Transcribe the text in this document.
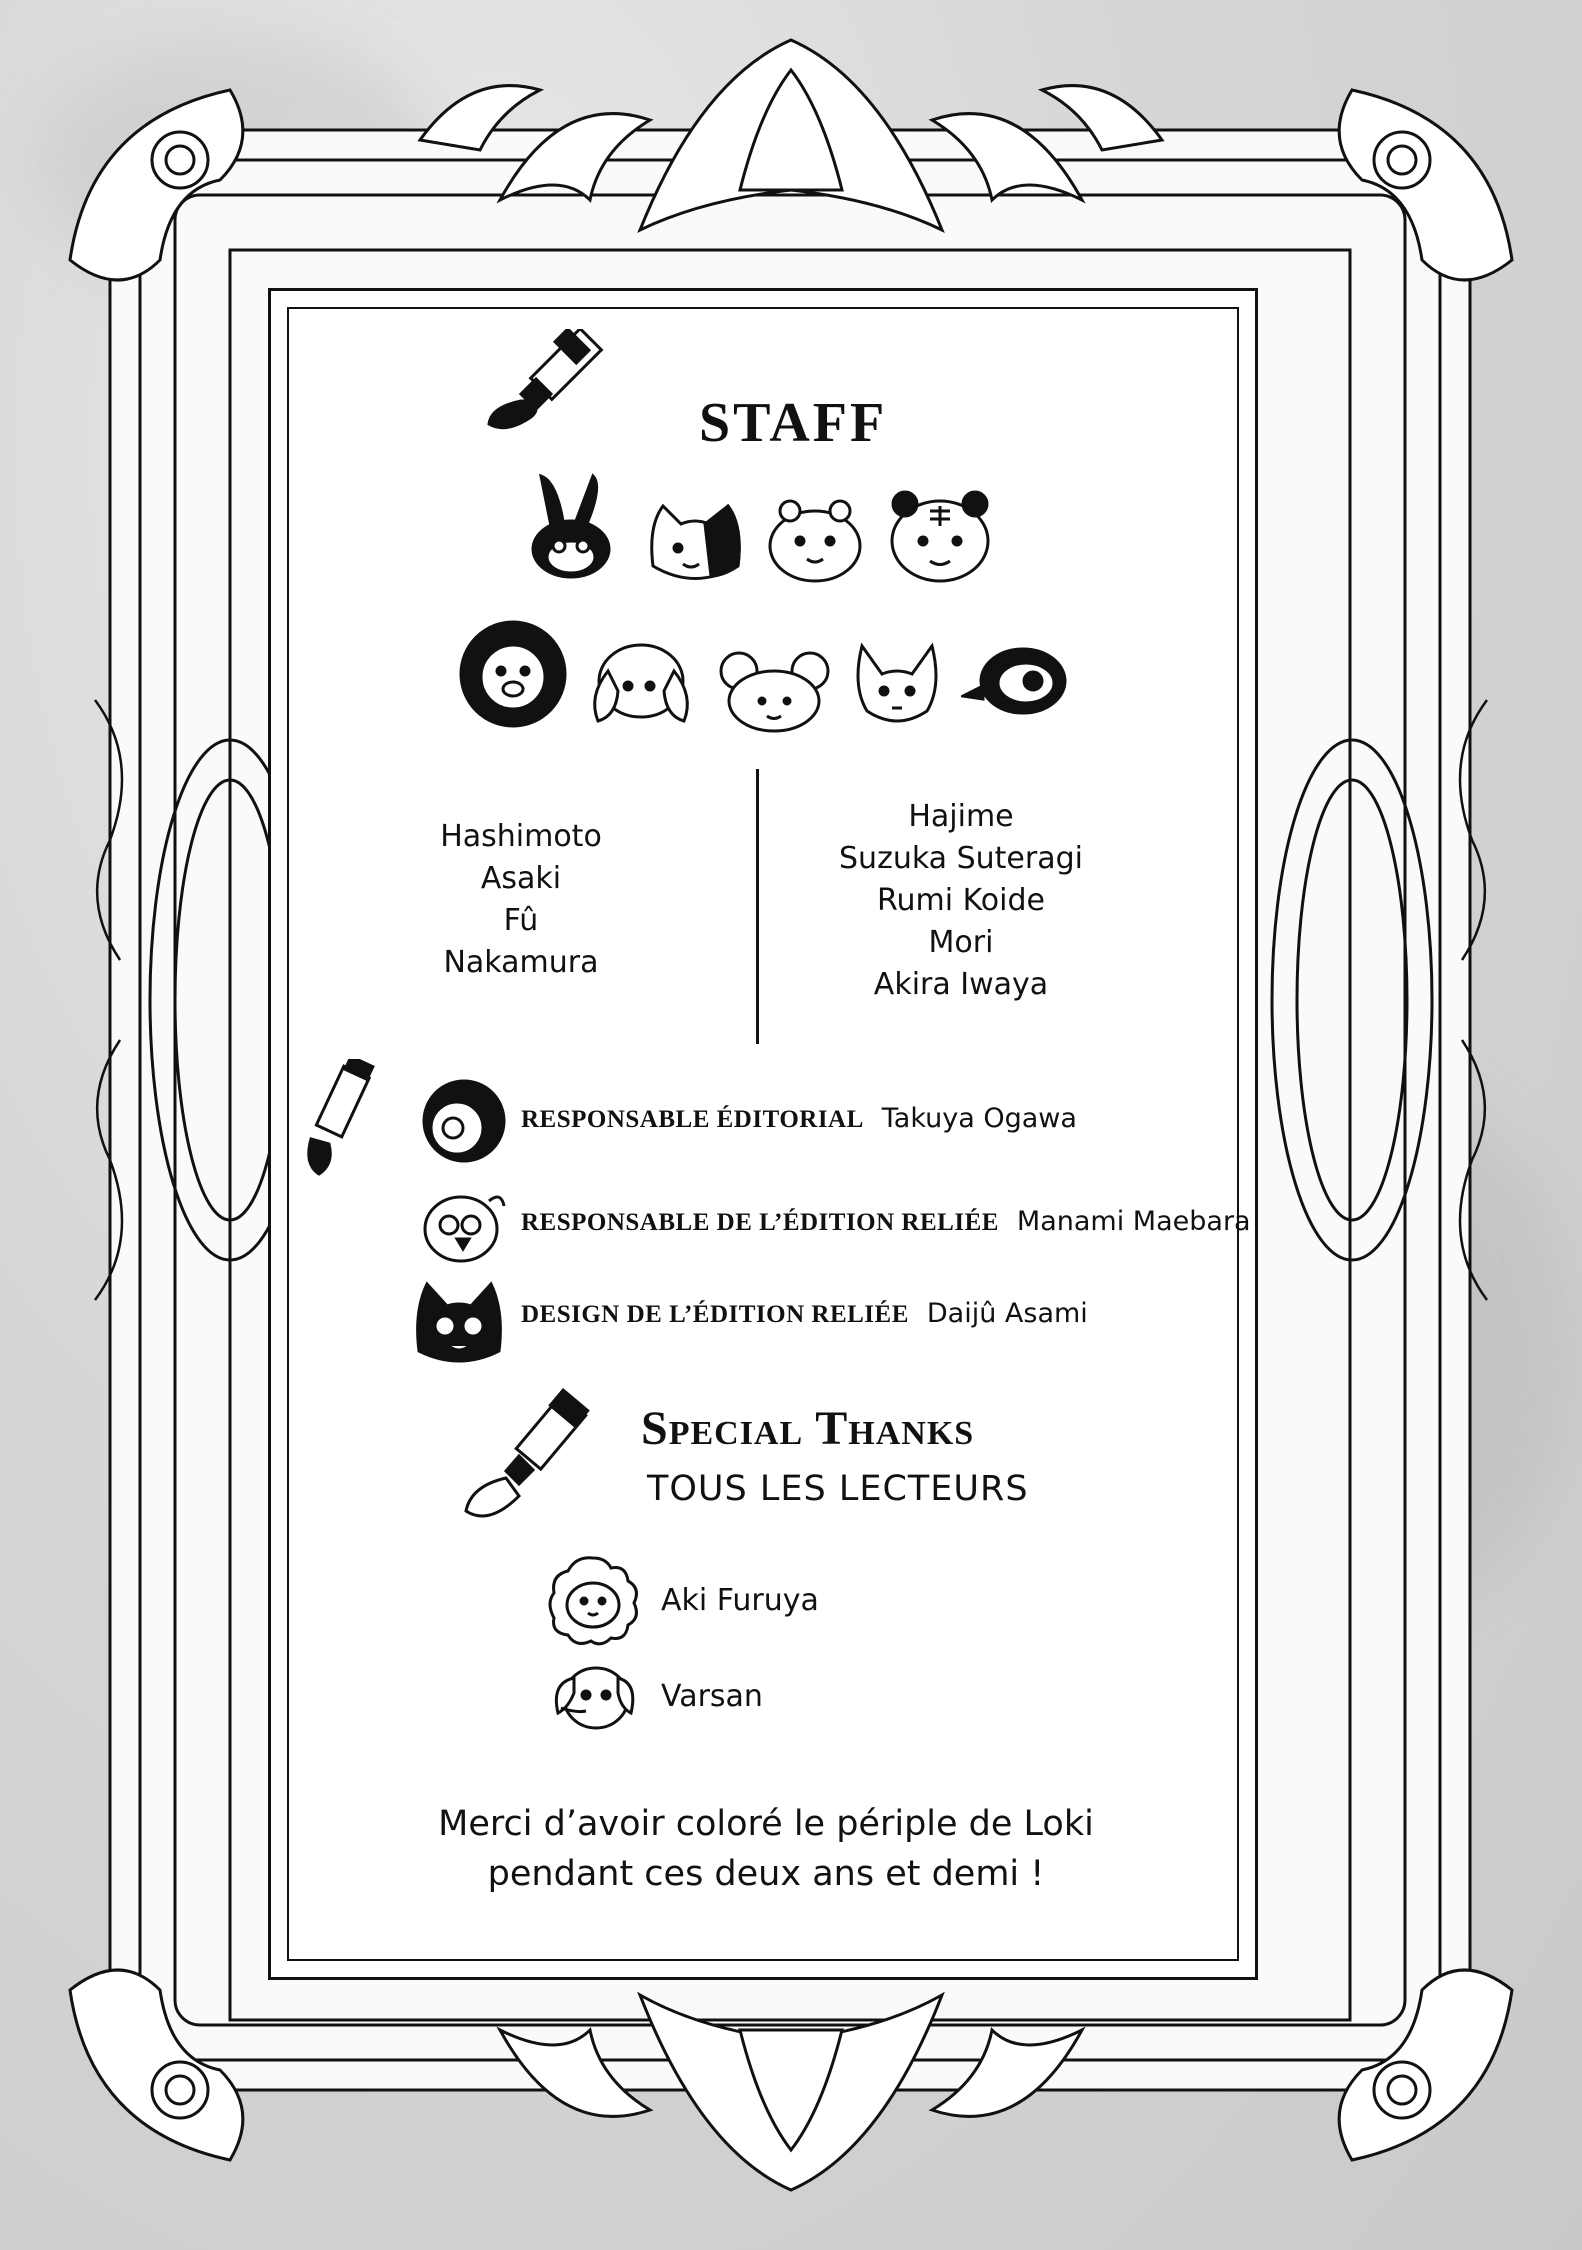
STAFF
Hashimoto
Asaki
Fû
Nakamura
Hajime
Suzuka Suteragi
Rumi Koide
Mori
Akira Iwaya
RESPONSABLE ÉDITORIAL Takuya Ogawa
RESPONSABLE DE L’ÉDITION RELIÉE Manami Maebara
DESIGN DE L’ÉDITION RELIÉE Daijû Asami
Special Thanks
TOUS LES LECTEURS
Aki Furuya
Varsan
Merci d’avoir coloré le périple de Loki
pendant ces deux ans et demi !
